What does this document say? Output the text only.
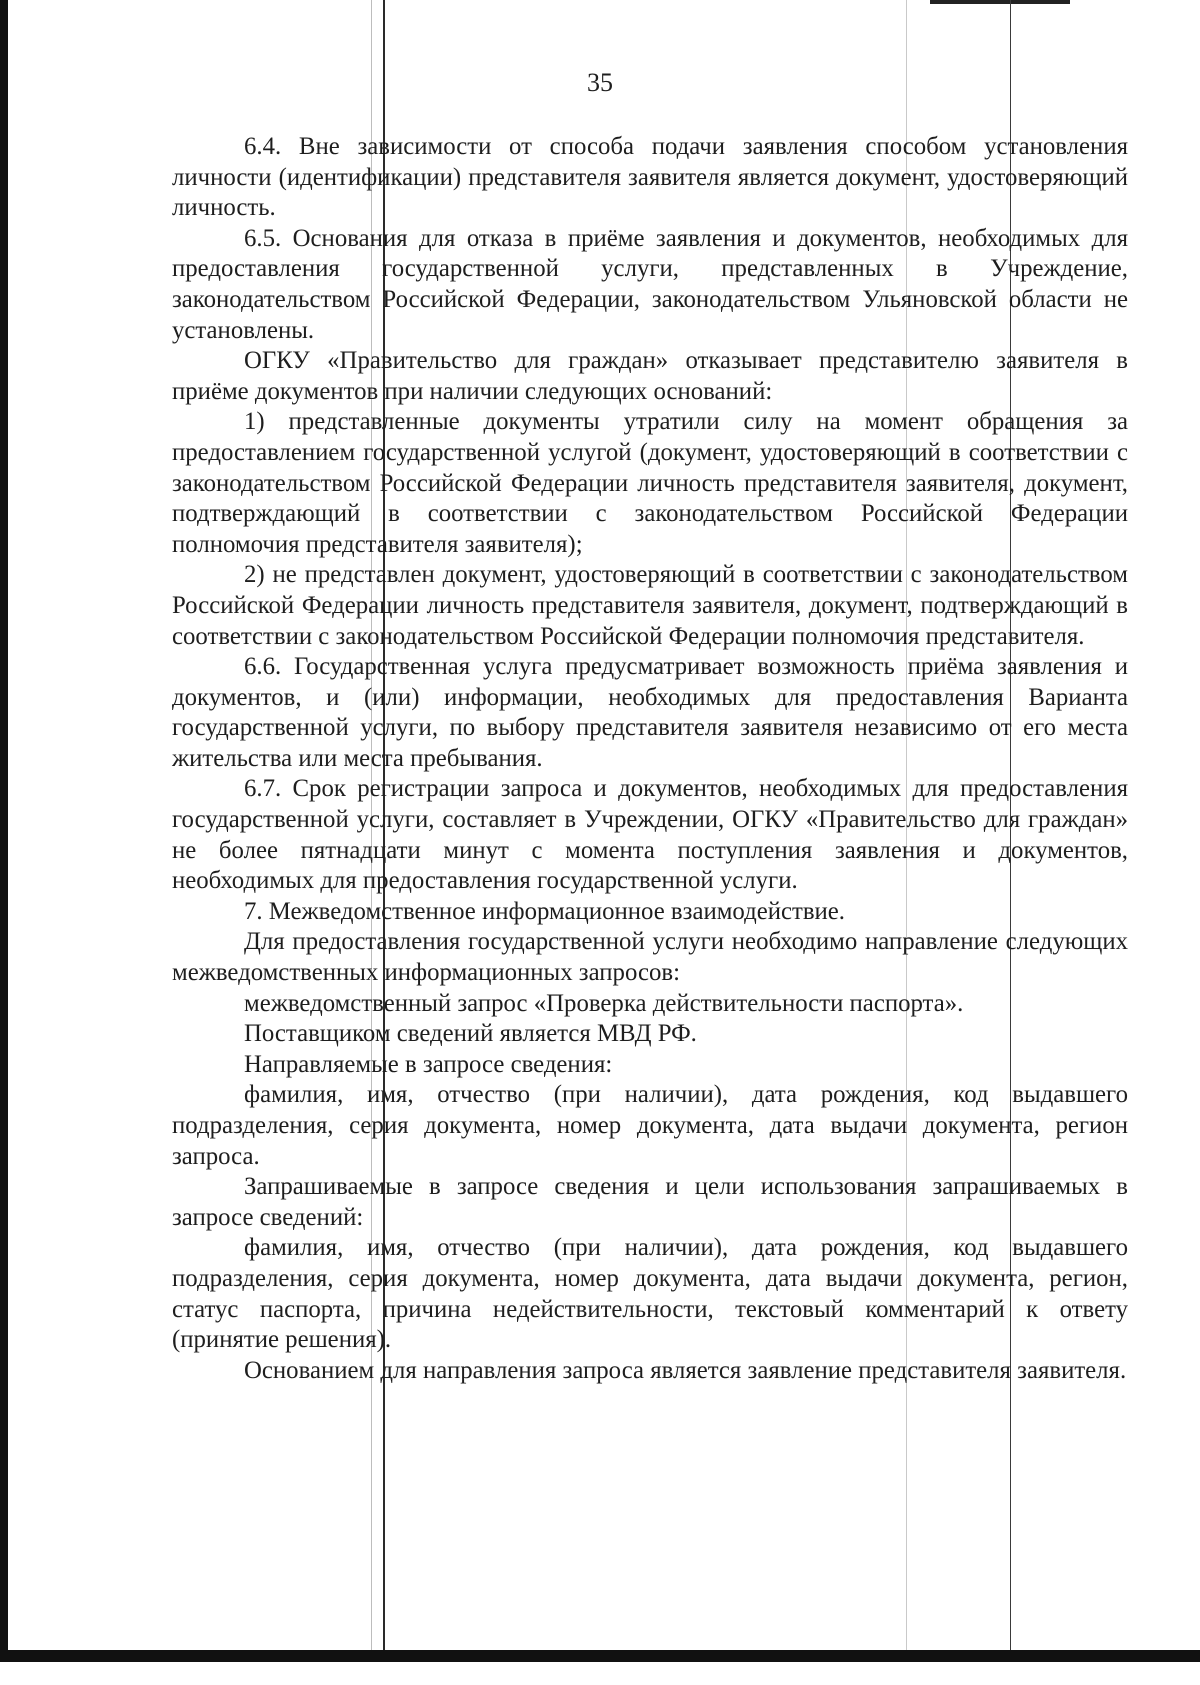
35

6.4. Вне зависимости от способа подачи заявления способом установления личности (идентификации) представителя заявителя является документ, удостоверяющий личность.

6.5. Основания для отказа в приёме заявления и документов, необходимых для предоставления государственной услуги, представленных в Учреждение, законодательством Российской Федерации, законодательством Ульяновской области не установлены.

ОГКУ «Правительство для граждан» отказывает представителю заявителя в приёме документов при наличии следующих оснований:

1) представленные документы утратили силу на момент обращения за предоставлением государственной услугой (документ, удостоверяющий в соответствии с законодательством Российской Федерации личность представителя заявителя, документ, подтверждающий в соответствии с законодательством Российской Федерации полномочия представителя заявителя);

2) не представлен документ, удостоверяющий в соответствии с законодательством Российской Федерации личность представителя заявителя, документ, подтверждающий в соответствии с законодательством Российской Федерации полномочия представителя.

6.6. Государственная услуга предусматривает возможность приёма заявления и документов, и (или) информации, необходимых для предоставления Варианта государственной услуги, по выбору представителя заявителя независимо от его места жительства или места пребывания.

6.7. Срок регистрации запроса и документов, необходимых для предоставления государственной услуги, составляет в Учреждении, ОГКУ «Правительство для граждан» не более пятнадцати минут с момента поступления заявления и документов, необходимых для предоставления государственной услуги.

7. Межведомственное информационное взаимодействие.

Для предоставления государственной услуги необходимо направление следующих межведомственных информационных запросов:

межведомственный запрос «Проверка действительности паспорта».

Поставщиком сведений является МВД РФ.

Направляемые в запросе сведения:

фамилия, имя, отчество (при наличии), дата рождения, код выдавшего подразделения, серия документа, номер документа, дата выдачи документа, регион запроса.

Запрашиваемые в запросе сведения и цели использования запрашиваемых в запросе сведений:

фамилия, имя, отчество (при наличии), дата рождения, код выдавшего подразделения, серия документа, номер документа, дата выдачи документа, регион, статус паспорта, причина недействительности, текстовый комментарий к ответу (принятие решения).

Основанием для направления запроса является заявление представителя заявителя.
